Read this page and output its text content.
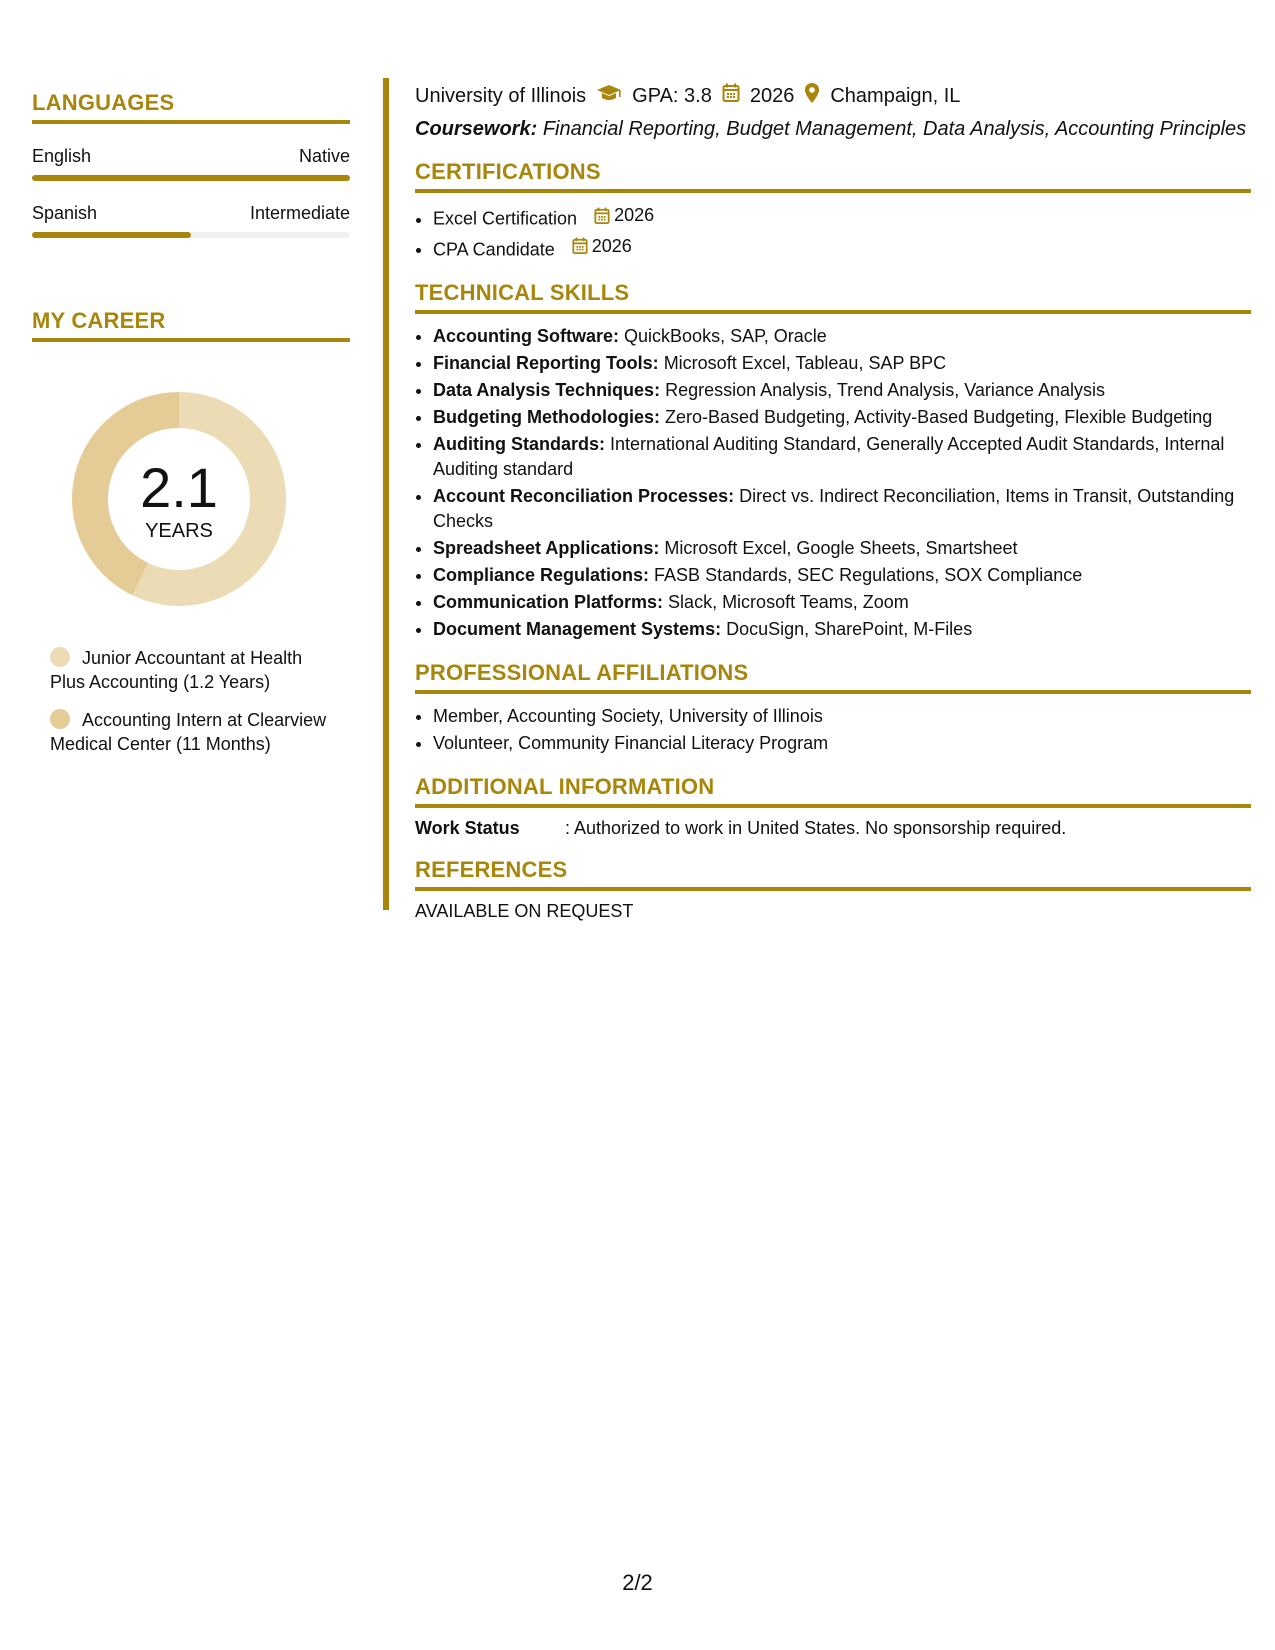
LANGUAGES
English	Native
Spanish	Intermediate
MY CAREER
2.1
YEARS
Junior Accountant at Health Plus Accounting (1.2 Years)
Accounting Intern at Clearview Medical Center (11 Months)
University of Illinois GPA: 3.8 2026 Champaign, IL
Coursework: Financial Reporting, Budget Management, Data Analysis, Accounting Principles
CERTIFICATIONS
• Excel Certification 2026
• CPA Candidate 2026
TECHNICAL SKILLS
• Accounting Software: QuickBooks, SAP, Oracle
• Financial Reporting Tools: Microsoft Excel, Tableau, SAP BPC
• Data Analysis Techniques: Regression Analysis, Trend Analysis, Variance Analysis
• Budgeting Methodologies: Zero-Based Budgeting, Activity-Based Budgeting, Flexible Budgeting
• Auditing Standards: International Auditing Standard, Generally Accepted Audit Standards, Internal Auditing standard
• Account Reconciliation Processes: Direct vs. Indirect Reconciliation, Items in Transit, Outstanding Checks
• Spreadsheet Applications: Microsoft Excel, Google Sheets, Smartsheet
• Compliance Regulations: FASB Standards, SEC Regulations, SOX Compliance
• Communication Platforms: Slack, Microsoft Teams, Zoom
• Document Management Systems: DocuSign, SharePoint, M-Files
PROFESSIONAL AFFILIATIONS
• Member, Accounting Society, University of Illinois
• Volunteer, Community Financial Literacy Program
ADDITIONAL INFORMATION
Work Status	: Authorized to work in United States. No sponsorship required.
REFERENCES
AVAILABLE ON REQUEST
2/2
